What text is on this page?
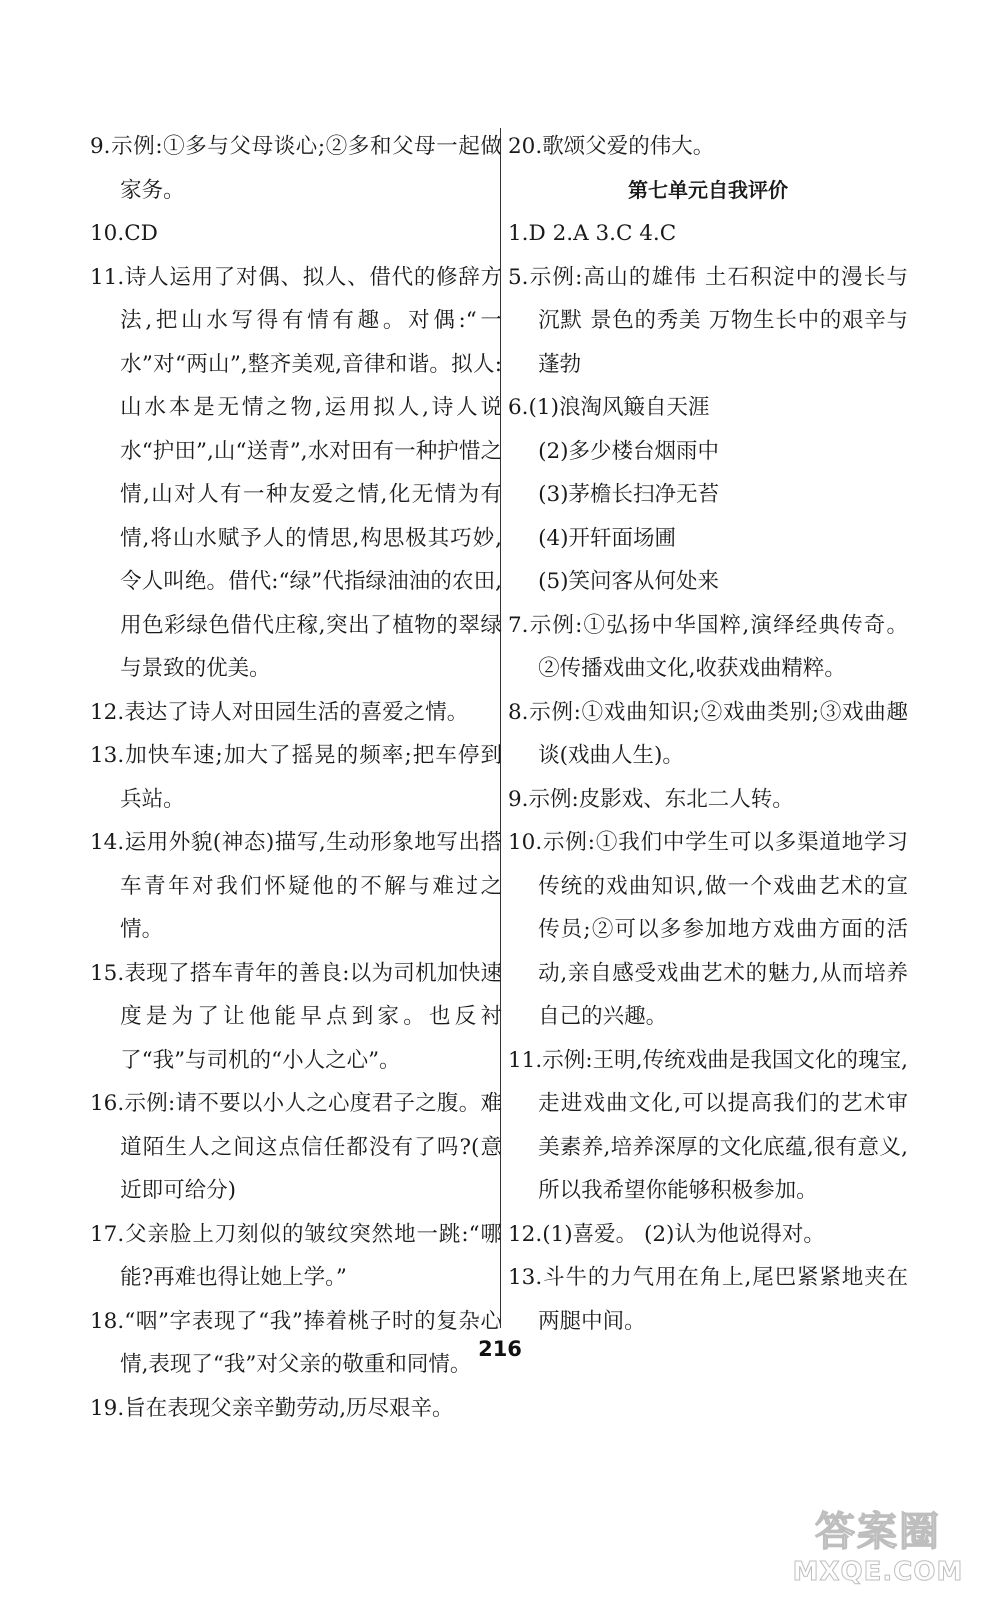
9.示例:①多与父母谈心;②多和父母一起做家务。

10.CD

11.诗人运用了对偶、拟人、借代的修辞方法,把山水写得有情有趣。对偶:“一水”对“两山”,整齐美观,音律和谐。拟人:山水本是无情之物,运用拟人,诗人说水“护田”,山“送青”,水对田有一种护惜之情,山对人有一种友爱之情,化无情为有情,将山水赋予人的情思,构思极其巧妙,令人叫绝。借代:“绿”代指绿油油的农田,用色彩绿色借代庄稼,突出了植物的翠绿与景致的优美。

12.表达了诗人对田园生活的喜爱之情。

13.加快车速;加大了摇晃的频率;把车停到兵站。

14.运用外貌(神态)描写,生动形象地写出搭车青年对我们怀疑他的不解与难过之情。

15.表现了搭车青年的善良:以为司机加快速度是为了让他能早点到家。也反衬了“我”与司机的“小人之心”。

16.示例:请不要以小人之心度君子之腹。难道陌生人之间这点信任都没有了吗?(意近即可给分)

17.父亲脸上刀刻似的皱纹突然地一跳:“哪能?再难也得让她上学。”

18.“咽”字表现了“我”捧着桃子时的复杂心情,表现了“我”对父亲的敬重和同情。

19.旨在表现父亲辛勤劳动,历尽艰辛。

20.歌颂父爱的伟大。

第七单元自我评价

1.D 2.A 3.C 4.C

5.示例:高山的雄伟 土石积淀中的漫长与沉默 景色的秀美 万物生长中的艰辛与蓬勃

6.(1)浪淘风簸自天涯

(2)多少楼台烟雨中

(3)茅檐长扫净无苔

(4)开轩面场圃

(5)笑问客从何处来

7.示例:①弘扬中华国粹,演绎经典传奇。②传播戏曲文化,收获戏曲精粹。

8.示例:①戏曲知识;②戏曲类别;③戏曲趣谈(戏曲人生)。

9.示例:皮影戏、东北二人转。

10.示例:①我们中学生可以多渠道地学习传统的戏曲知识,做一个戏曲艺术的宣传员;②可以多参加地方戏曲方面的活动,亲自感受戏曲艺术的魅力,从而培养自己的兴趣。

11.示例:王明,传统戏曲是我国文化的瑰宝,走进戏曲文化,可以提高我们的艺术审美素养,培养深厚的文化底蕴,很有意义,所以我希望你能够积极参加。

12.(1)喜爱。 (2)认为他说得对。

13.斗牛的力气用在角上,尾巴紧紧地夹在两腿中间。

216
答案圈
MXQE.COM
